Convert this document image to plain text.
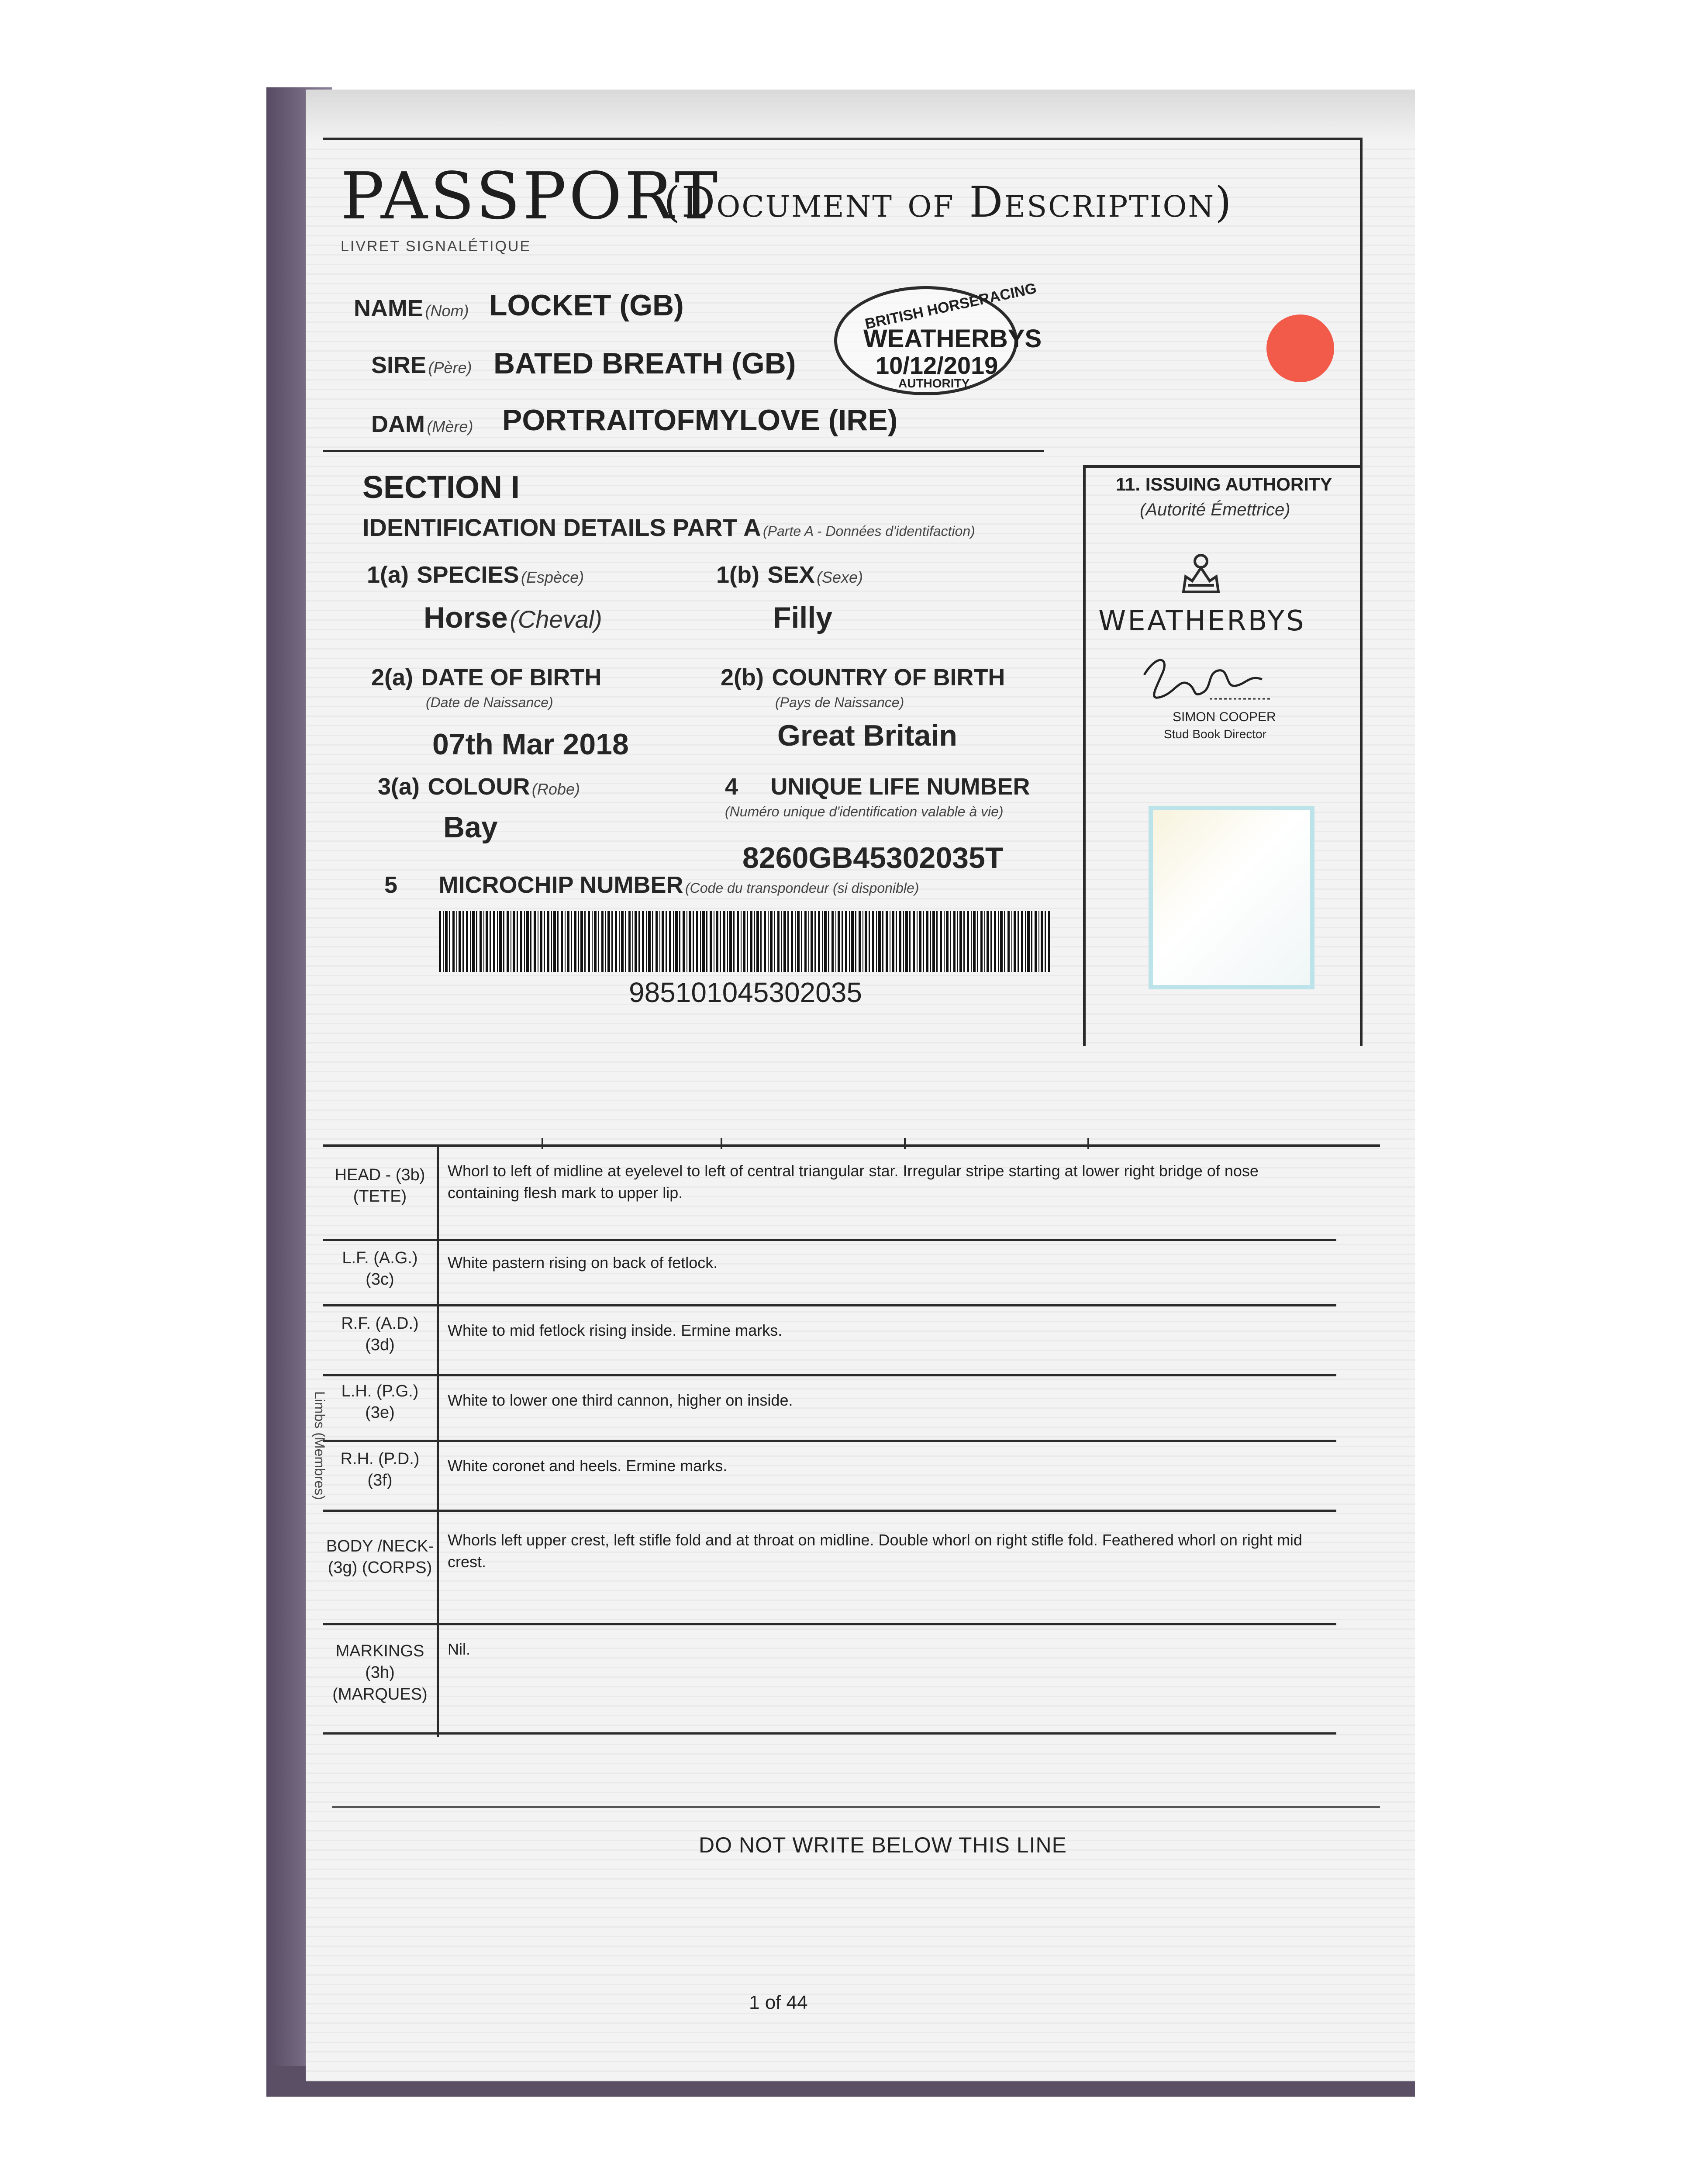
PASSPORT
(Document of Description)
LIVRET SIGNALÉTIQUE
NAME (Nom) LOCKET (GB)
SIRE (Père) BATED BREATH (GB)
DAM (Mère) PORTRAITOFMYLOVE (IRE)
BRITISH HORSERACING
WEATHERBYS
10/12/2019
AUTHORITY
SECTION I
IDENTIFICATION DETAILS PART A (Parte A - Données d'identifaction)
1(a) SPECIES (Espèce)
Horse (Cheval)
1(b) SEX (Sexe)
Filly
2(a) DATE OF BIRTH
(Date de Naissance)
07th Mar 2018
2(b) COUNTRY OF BIRTH
(Pays de Naissance)
Great Britain
3(a) COLOUR (Robe)
Bay
4 UNIQUE LIFE NUMBER
(Numéro unique d'identification valable à vie)
8260GB45302035T
5 MICROCHIP NUMBER (Code du transpondeur (si disponible)
985101045302035
11. ISSUING AUTHORITY
(Autorité Émettrice)
WEATHERBYS
SIMON COOPER
Stud Book Director
HEAD - (3b)
(TETE)
Whorl to left of midline at eyelevel to left of central triangular star. Irregular stripe starting at lower right bridge of nose containing flesh mark to upper lip.
L.F. (A.G.)
(3c)
White pastern rising on back of fetlock.
R.F. (A.D.)
(3d)
White to mid fetlock rising inside. Ermine marks.
L.H. (P.G.)
(3e)
White to lower one third cannon, higher on inside.
R.H. (P.D.)
(3f)
White coronet and heels. Ermine marks.
BODY /NECK-
(3g) (CORPS)
Whorls left upper crest, left stifle fold and at throat on midline. Double whorl on right stifle fold. Feathered whorl on right mid crest.
MARKINGS (3h)
(MARQUES)
Nil.
Limbs (Membres)
DO NOT WRITE BELOW THIS LINE
1 of 44
